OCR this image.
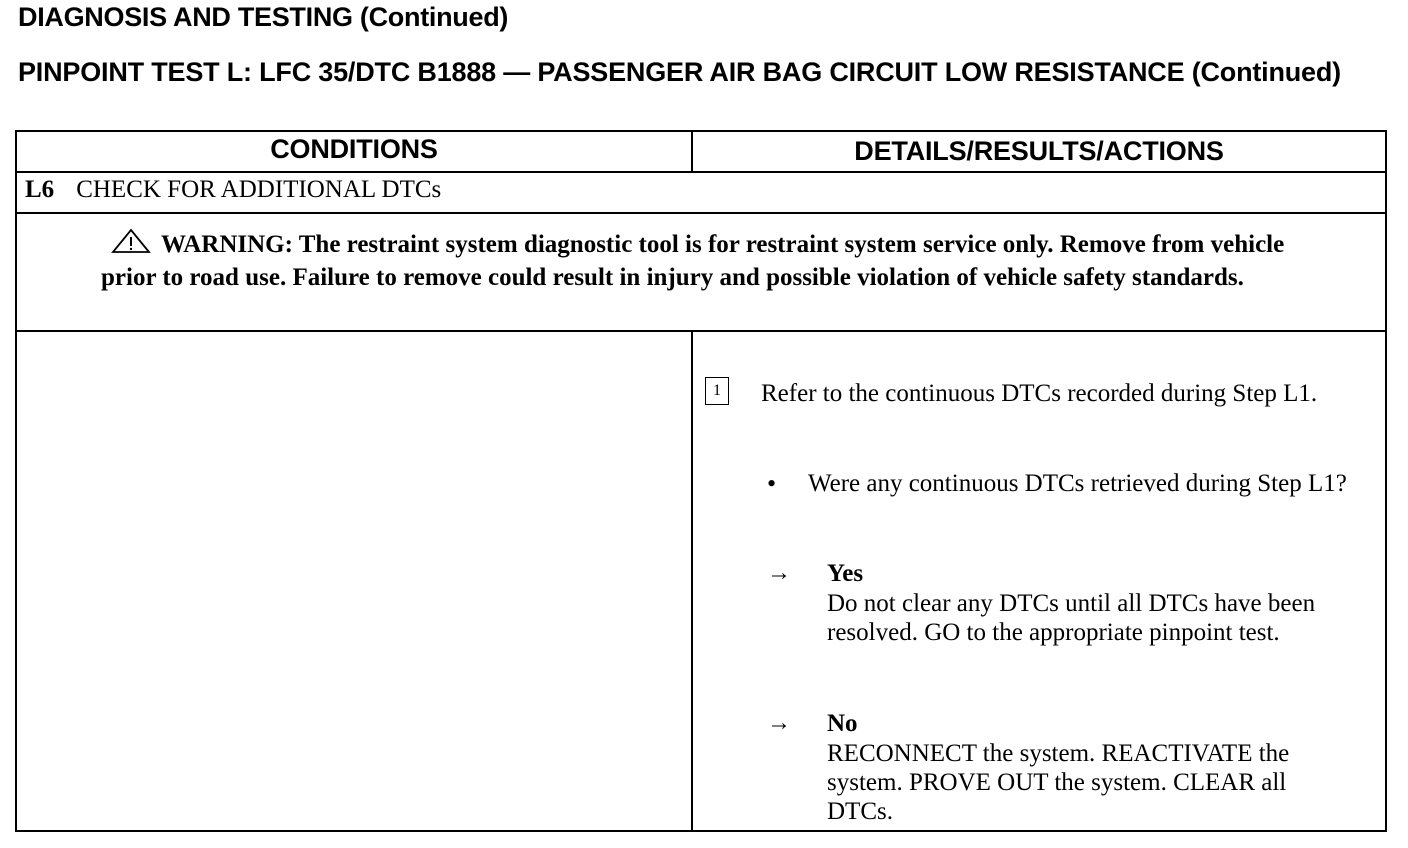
DIAGNOSIS AND TESTING (Continued)
PINPOINT TEST L: LFC 35/DTC B1888 — PASSENGER AIR BAG CIRCUIT LOW RESISTANCE (Continued)
CONDITIONS	DETAILS/RESULTS/ACTIONS
L6 CHECK FOR ADDITIONAL DTCs
WARNING: The restraint system diagnostic tool is for restraint system service only. Remove from vehicle prior to road use. Failure to remove could result in injury and possible violation of vehicle safety standards.
1	Refer to the continuous DTCs recorded during Step L1.
• Were any continuous DTCs retrieved during Step L1?
→ Yes
Do not clear any DTCs until all DTCs have been resolved. GO to the appropriate pinpoint test.
→ No
RECONNECT the system. REACTIVATE the system. PROVE OUT the system. CLEAR all DTCs.
